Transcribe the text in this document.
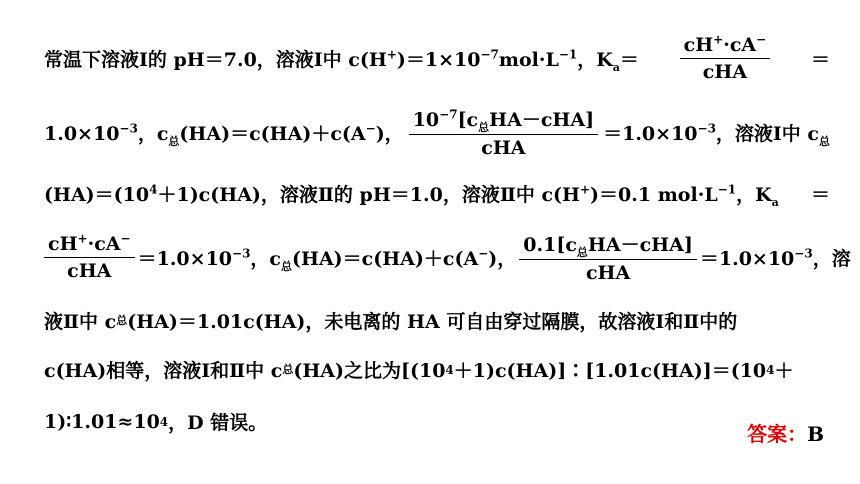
常温下溶液Ⅰ的 pH＝7.0，溶液Ⅰ中 $c(H^+)=1\times 10^{-7}mol\cdot L^{-1}$，$K_a= \frac{cH^+\cdot cA^-}{\text{cHA}}$ ＝
$1.0\times 10^{-3}$，$c_总(HA)=c(HA)+c(A^-)$， $\frac{10^{-7}[c_总HA-cHA]}{\text{cHA}} =1.0\times 10^{-3}$，溶液Ⅰ中 $c_总$
$(HA)=(10^4+1)c(HA)$，溶液Ⅱ的 pH＝1.0，溶液Ⅱ中 c(H+)＝0.1 $mol\cdot L^{-1}$，$K_a$ ＝
$\frac{cH^+\cdot cA^-}{\text{cHA}} =1.0\times 10^{-3}$，$c_总(HA)=c(HA)+c(A^-)$， $\frac{0.1[c_总HA-cHA]}{\text{cHA}} =1.0\times 10^{-3}$，溶
液Ⅱ中 c 总 (HA)＝1.01c(HA)，未电离的 HA 可自由穿过隔膜，故溶液Ⅰ和Ⅱ中的
c(HA)相等，溶液Ⅰ和Ⅱ中 c 总 (HA)之比为[(10 4 ＋1)c(HA)]∶[1.01c(HA)]＝(10 4 ＋
1)∶1.01≈10 4 ，D 错误。	答案：B
